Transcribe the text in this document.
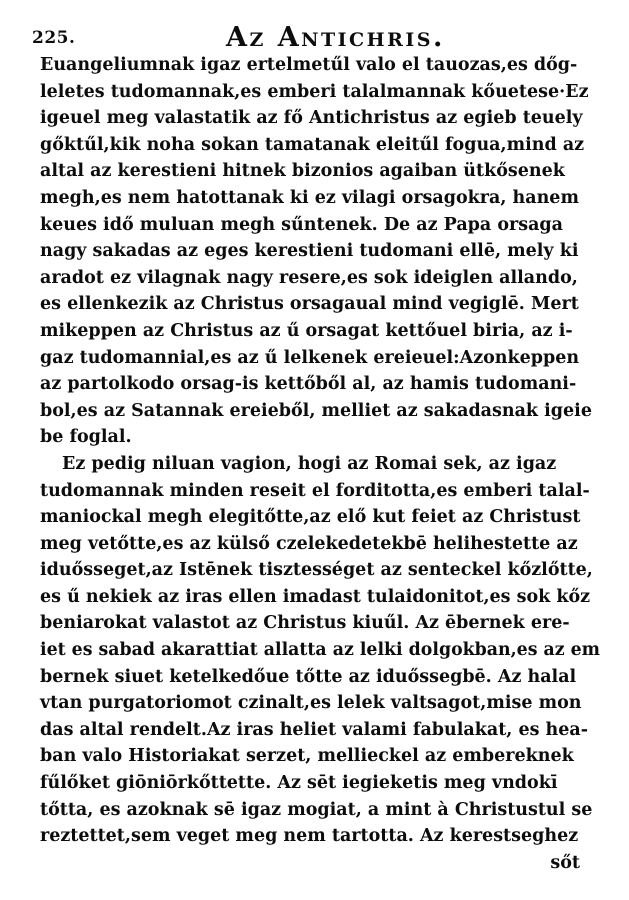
225.	Az Antichris.
Euangeliumnak igaz ertelmetűl valo el tauozas,es dőg-
leletes tudomannak,es emberi talalmannak kőuetese·Ez
igeuel meg valastatik az fő Antichristus az egieb teuely
gőktűl,kik noha sokan tamatanak eleitűl fogua,mind az
altal az kerestieni hitnek bizonios agaiban ütkősenek
megh,es nem hatottanak ki ez vilagi orsagokra, hanem
keues idő muluan megh sűntenek. De az Papa orsaga
nagy sakadas az eges kerestieni tudomani ellē, mely ki
aradot ez vilagnak nagy resere,es sok ideiglen allando,
es ellenkezik az Christus orsagaual mind vegiglē. Mert
mikeppen az Christus az ű orsagat kettőuel biria, az i-
gaz tudomannial,es az ű lelkenek ereieuel:Azonkeppen
az partolkodo orsag-is kettőből al, az hamis tudomani-
bol,es az Satannak ereieből, melliet az sakadasnak igeie
be foglal.
Ez pedig niluan vagion, hogi az Romai sek, az igaz
tudomannak minden reseit el forditotta,es emberi talal-
maniockal megh elegitőtte,az elő kut feiet az Christust
meg vetőtte,es az külső czelekedetekbē helihestette az
iduősseget,az Istēnek tisztességet az senteckel kőzlőtte,
es ű nekiek az iras ellen imadast tulaidonitot,es sok kőz
beniarokat valastot az Christus kiuűl. Az ēbernek ere-
iet es sabad akarattiat allatta az lelki dolgokban,es az em
bernek siuet ketelkedőue tőtte az iduőssegbē. Az halal
vtan purgatoriomot czinalt,es lelek valtsagot,mise mon
das altal rendelt.Az iras heliet valami fabulakat, es hea-
ban valo Historiakat serzet, mellieckel az embereknek
fűlőket giōniōrkőttette. Az sēt iegieketis meg vndokī
tőtta, es azoknak sē igaz mogiat, a mint à Christustul se
reztettet,sem veget meg nem tartotta. Az kerestseghez
sőt
